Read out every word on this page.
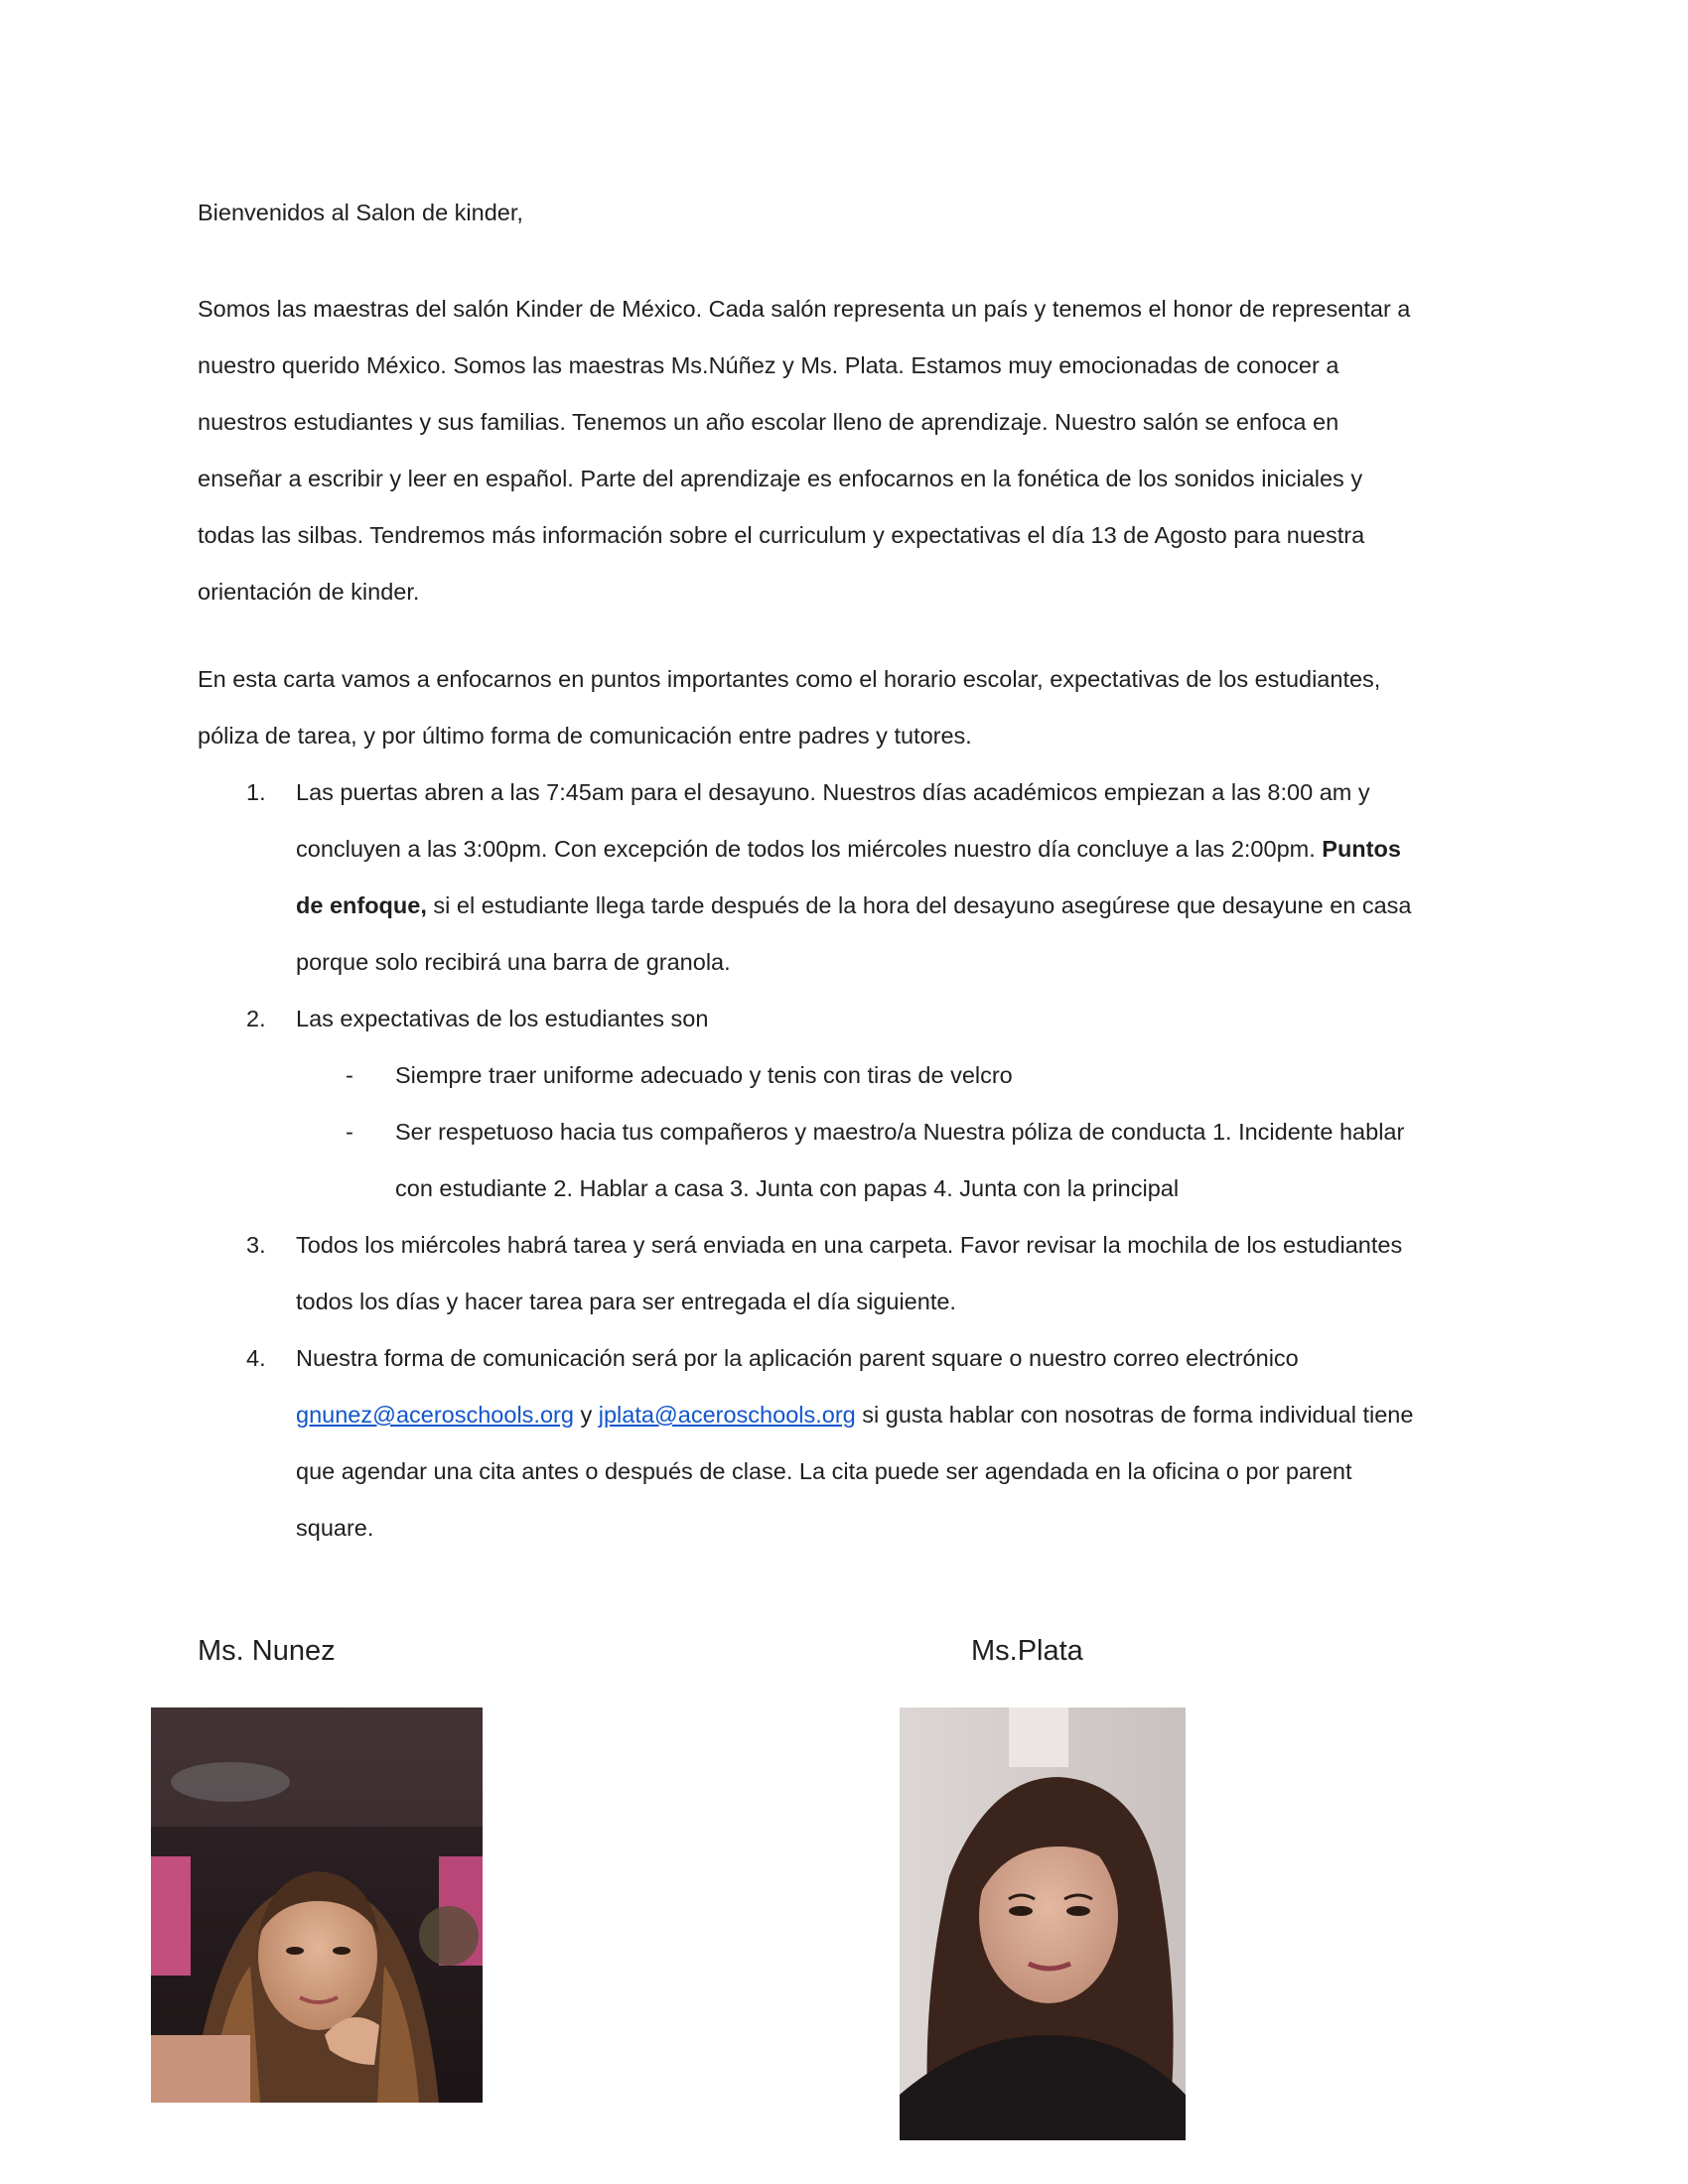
Bienvenidos al Salon de kinder,
Somos las maestras del salón Kinder de México. Cada salón representa un país y tenemos el honor de representar a
nuestro querido México. Somos las maestras Ms.Núñez y Ms. Plata. Estamos muy emocionadas de conocer a
nuestros estudiantes y sus familias. Tenemos un año escolar lleno de aprendizaje. Nuestro salón se enfoca en
enseñar a escribir y leer en español. Parte del aprendizaje es enfocarnos en la fonética de los sonidos iniciales y
todas las silbas. Tendremos más información sobre el curriculum y expectativas el día 13 de Agosto para nuestra
orientación de kinder.
En esta carta vamos a enfocarnos en puntos importantes como el horario escolar, expectativas de los estudiantes,
póliza de tarea, y por último forma de comunicación entre padres y tutores.
1. Las puertas abren a las 7:45am para el desayuno. Nuestros días académicos empiezan a las 8:00 am y
concluyen a las 3:00pm. Con excepción de todos los miércoles nuestro día concluye a las 2:00pm. Puntos
de enfoque, si el estudiante llega tarde después de la hora del desayuno asegúrese que desayune en casa
porque solo recibirá una barra de granola.
2. Las expectativas de los estudiantes son
- Siempre traer uniforme adecuado y tenis con tiras de velcro
- Ser respetuoso hacia tus compañeros y maestro/a Nuestra póliza de conducta 1. Incidente hablar
con estudiante 2. Hablar a casa 3. Junta con papas 4. Junta con la principal
3. Todos los miércoles habrá tarea y será enviada en una carpeta. Favor revisar la mochila de los estudiantes
todos los días y hacer tarea para ser entregada el día siguiente.
4. Nuestra forma de comunicación será por la aplicación parent square o nuestro correo electrónico
gnunez@aceroschools.org y jplata@aceroschools.org si gusta hablar con nosotras de forma individual tiene
que agendar una cita antes o después de clase. La cita puede ser agendada en la oficina o por parent
square.
Ms. Nunez	Ms.Plata
